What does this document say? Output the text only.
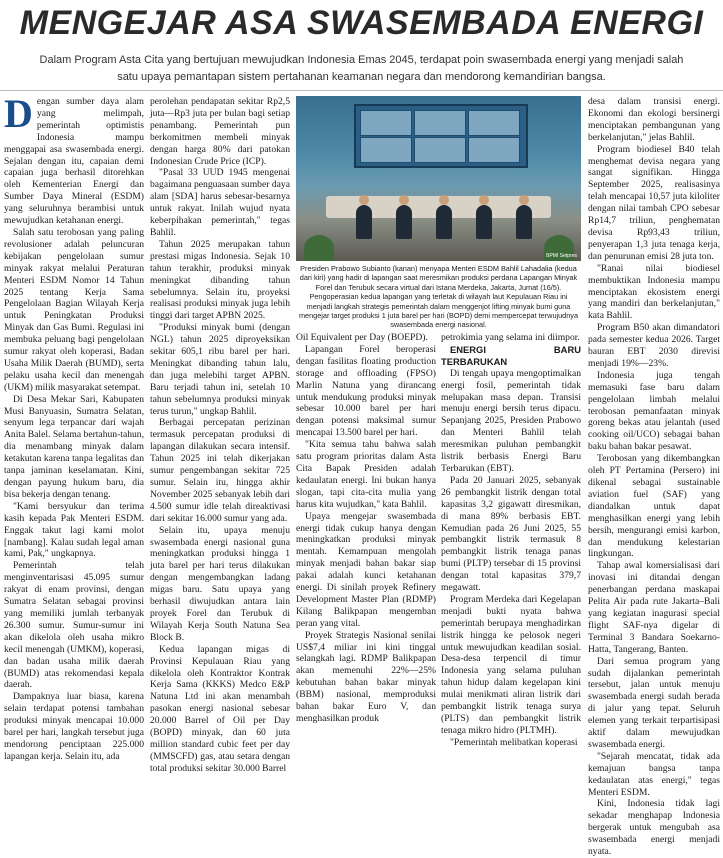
MENGEJAR ASA SWASEMBADA ENERGI

Dalam Program Asta Cita yang bertujuan mewujudkan Indonesia Emas 2045, terdapat poin swasembada energi yang menjadi salah satu upaya pemantapan sistem pertahanan keamanan negara dan mendorong kemandirian bangsa.

Dengan sumber daya alam yang melimpah, pemerintah optimistis Indonesia mampu menggapai asa swasembada energi. Sejalan dengan itu, capaian demi capaian juga berhasil ditorehkan oleh Kementerian Energi dan Sumber Daya Mineral (ESDM) yang seluruhnya berambisi untuk mewujudkan ketahanan energi.

Salah satu terobosan yang paling revolusioner adalah peluncuran kebijakan pengelolaan sumur minyak rakyat melalui Peraturan Menteri ESDM Nomor 14 Tahun 2025 tentang Kerja Sama Pengelolaan Bagian Wilayah Kerja untuk Peningkatan Produksi Minyak dan Gas Bumi. Regulasi ini membuka peluang bagi pengelolaan sumur rakyat oleh koperasi, Badan Usaha Milik Daerah (BUMD), serta pelaku usaha kecil dan menengah (UKM) milik masyarakat setempat.

Di Desa Mekar Sari, Kabupaten Musi Banyuasin, Sumatra Selatan, senyum lega terpancar dari wajah Anita Balel. Selama bertahun-tahun, dia menambang minyak dalam ketakutan karena tanpa legalitas dan tanpa jaminan keselamatan. Kini, dengan payung hukum baru, dia bisa bekerja dengan tenang.

"Kami bersyukur dan terima kasih kepada Pak Menteri ESDM. Enggak takut lagi kami molot [nambang]. Kalau sudah legal aman kami, Pak," ungkapnya.

Pemerintah telah menginventarisasi 45.095 sumur rakyat di enam provinsi, dengan Sumatra Selatan sebagai provinsi yang memiliki jumlah terbanyak 26.300 sumur. Sumur-sumur ini akan dikelola oleh usaha mikro kecil menengah (UMKM), koperasi, dan badan usaha milik daerah (BUMD) atas rekomendasi kepala daerah.

Dampaknya luar biasa, karena selain terdapat potensi tambahan produksi minyak mencapai 10.000 barel per hari, langkah tersebut juga mendorong penciptaan 225.000 lapangan kerja. Selain itu, ada

perolehan pendapatan sekitar Rp2,5 juta—Rp3 juta per bulan bagi setiap penambang. Pemerintah pun berkomitmen membeli minyak dengan harga 80% dari patokan Indonesian Crude Price (ICP).

"Pasal 33 UUD 1945 mengenai bagaimana penguasaan sumber daya alam [SDA] harus sebesar-besarnya untuk rakyat. Inilah wujud nyata keberpihakan pemerintah," tegas Bahlil.

Tahun 2025 merupakan tahun prestasi migas Indonesia. Sejak 10 tahun terakhir, produksi minyak meningkat dibanding tahun sebelumnya. Selain itu, proyeksi realisasi produksi minyak juga lebih tinggi dari target APBN 2025.

"Produksi minyak bumi (dengan NGL) tahun 2025 diproyeksikan sekitar 605,1 ribu barel per hari. Meningkat dibanding tahun lalu, dan juga melebihi target APBN. Baru terjadi tahun ini, setelah 10 tahun sebelumnya produksi minyak terus turun," ungkap Bahlil.

Berbagai percepatan perizinan termasuk percepatan produksi di lapangan dilakukan secara intensif. Tahun 2025 ini telah dikerjakan sumur pengembangan sekitar 725 sumur. Selain itu, hingga akhir November 2025 sebanyak lebih dari 4.500 sumur idle telah direaktivasi dari sekitar 16.000 sumur yang ada.

Selain itu, upaya menuju swasembada energi nasional guna meningkatkan produksi hingga 1 juta barel per hari terus dilakukan dengan mengembangkan ladang migas baru. Satu upaya yang berhasil diwujudkan antara lain proyek Forel dan Terubuk di Wilayah Kerja South Natuna Sea Block B.

Kedua lapangan migas di Provinsi Kepulauan Riau yang dikelola oleh Kontraktor Kontrak Kerja Sama (KKKS) Medco E&P Natuna Ltd ini akan menambah pasokan energi nasional sebesar 20.000 Barrel of Oil per Day (BOPD) minyak, dan 60 juta million standard cubic feet per day (MMSCFD) gas, atau setara dengan total produksi sekitar 30.000 Barrel

BPMI Setpres

Presiden Prabowo Subianto (kanan) menyapa Menteri ESDM Bahlil Lahadalia (kedua dari kiri) yang hadir di lapangan saat meresmikan produksi perdana Lapangan Minyak Forel dan Terubuk secara virtual dari Istana Merdeka, Jakarta, Jumat (16/5). Pengoperasian kedua lapangan yang terletak di wilayah laut Kepulauan Riau ini menjadi langkah strategis pemerintah dalam menggenjot lifting minyak bumi guna mengejar target produksi 1 juta barel per hari (BOPD) demi mempercepat terwujudnya swasembada energi nasional.

Oil Equivalent per Day (BOEPD).

Lapangan Forel beroperasi dengan fasilitas floating production storage and offloading (FPSO) Marlin Natuna yang dirancang untuk mendukung produksi minyak sebesar 10.000 barel per hari dengan potensi maksimal sumur mencapai 13.500 barel per hari.

"Kita semua tahu bahwa salah satu program prioritas dalam Asta Cita Bapak Presiden adalah kedaulatan energi. Ini bukan hanya slogan, tapi cita-cita mulia yang harus kita wujudkan," kata Bahlil.

Upaya mengejar swasembada energi tidak cukup hanya dengan meningkatkan produksi minyak mentah. Kemampuan mengolah minyak menjadi bahan bakar siap pakai adalah kunci ketahanan energi. Di sinilah proyek Refinery Development Master Plan (RDMP) Kilang Balikpapan mengemban peran yang vital.

Proyek Strategis Nasional senilai US$7,4 miliar ini kini tinggal selangkah lagi. RDMP Balikpapan akan memenuhi 22%—25% kebutuhan bahan bakar minyak (BBM) nasional, memproduksi bahan bakar Euro V, dan menghasilkan produk

petrokimia yang selama ini diimpor.

ENERGI BARU TERBARUKAN

Di tengah upaya mengoptimalkan energi fosil, pemerintah tidak melupakan masa depan. Transisi menuju energi bersih terus dipacu. Sepanjang 2025, Presiden Prabowo dan Menteri Bahlil telah meresmikan puluhan pembangkit listrik berbasis Energi Baru Terbarukan (EBT).

Pada 20 Januari 2025, sebanyak 26 pembangkit listrik dengan total kapasitas 3,2 gigawatt diresmikan, di mana 89% berbasis EBT. Kemudian pada 26 Juni 2025, 55 pembangkit listrik termasuk 8 pembangkit listrik tenaga panas bumi (PLTP) tersebar di 15 provinsi dengan total kapasitas 379,7 megawatt.

Program Merdeka dari Kegelapan menjadi bukti nyata bahwa pemerintah berupaya menghadirkan listrik hingga ke pelosok negeri untuk mewujudkan keadilan sosial. Desa-desa terpencil di timur Indonesia yang selama puluhan tahun hidup dalam kegelapan kini mulai menikmati aliran listrik dari pembangkit listrik tenaga surya (PLTS) dan pembangkit listrik tenaga mikro hidro (PLTMH).

"Pemerintah melibatkan koperasi

desa dalam transisi energi. Ekonomi dan ekologi bersinergi menciptakan pembangunan yang berkelanjutan," jelas Bahlil.

Program biodiesel B40 telah menghemat devisa negara yang sangat signifikan. Hingga September 2025, realisasinya telah mencapai 10,57 juta kiloliter dengan nilai tambah CPO sebesar Rp14,7 triliun, penghematan devisa Rp93,43 triliun, penyerapan 1,3 juta tenaga kerja, dan penurunan emisi 28 juta ton.

"Ranai nilai biodiesel membuktikan Indonesia mampu menciptakan ekosistem energi yang mandiri dan berkelanjutan," kata Bahlil.

Program B50 akan dimandatori pada semester kedua 2026. Target bauran EBT 2030 direvisi menjadi 19%—23%.

Indonesia juga tengah memasuki fase baru dalam pengelolaan limbah melalui terobosan pemanfaatan minyak goreng bekas atau jelantah (used cooking oil/UCO) sebagai bahan baku bahan bakar pesawat.

Terobosan yang dikembangkan oleh PT Pertamina (Persero) ini dikenal sebagai sustainable aviation fuel (SAF) yang diandalkan untuk dapat menghasilkan energi yang lebih bersih, mengurangi emisi karbon, dan mendukung kelestarian lingkungan.

Tahap awal komersialisasi dari inovasi ini ditandai dengan penerbangan perdana maskapai Pelita Air pada rute Jakarta–Bali yang kegiatan inagurasi special flight SAF-nya digelar di Terminal 3 Bandara Soekarno-Hatta, Tangerang, Banten.

Dari semua program yang sudah dijalankan pemerintah tersebut, jalan untuk menuju swasembada energi sudah berada di jalur yang tepat. Seluruh elemen yang terkait terpartisipasi aktif dalam mewujudkan swasembada energi.

"Sejarah mencatat, tidak ada kemajuan bangsa tanpa kedaulatan atas energi," tegas Menteri ESDM.

Kini, Indonesia tidak lagi sekadar menghapap Indonesia bergerak untuk mengubah asa swasembada energi menjadi nyata.
